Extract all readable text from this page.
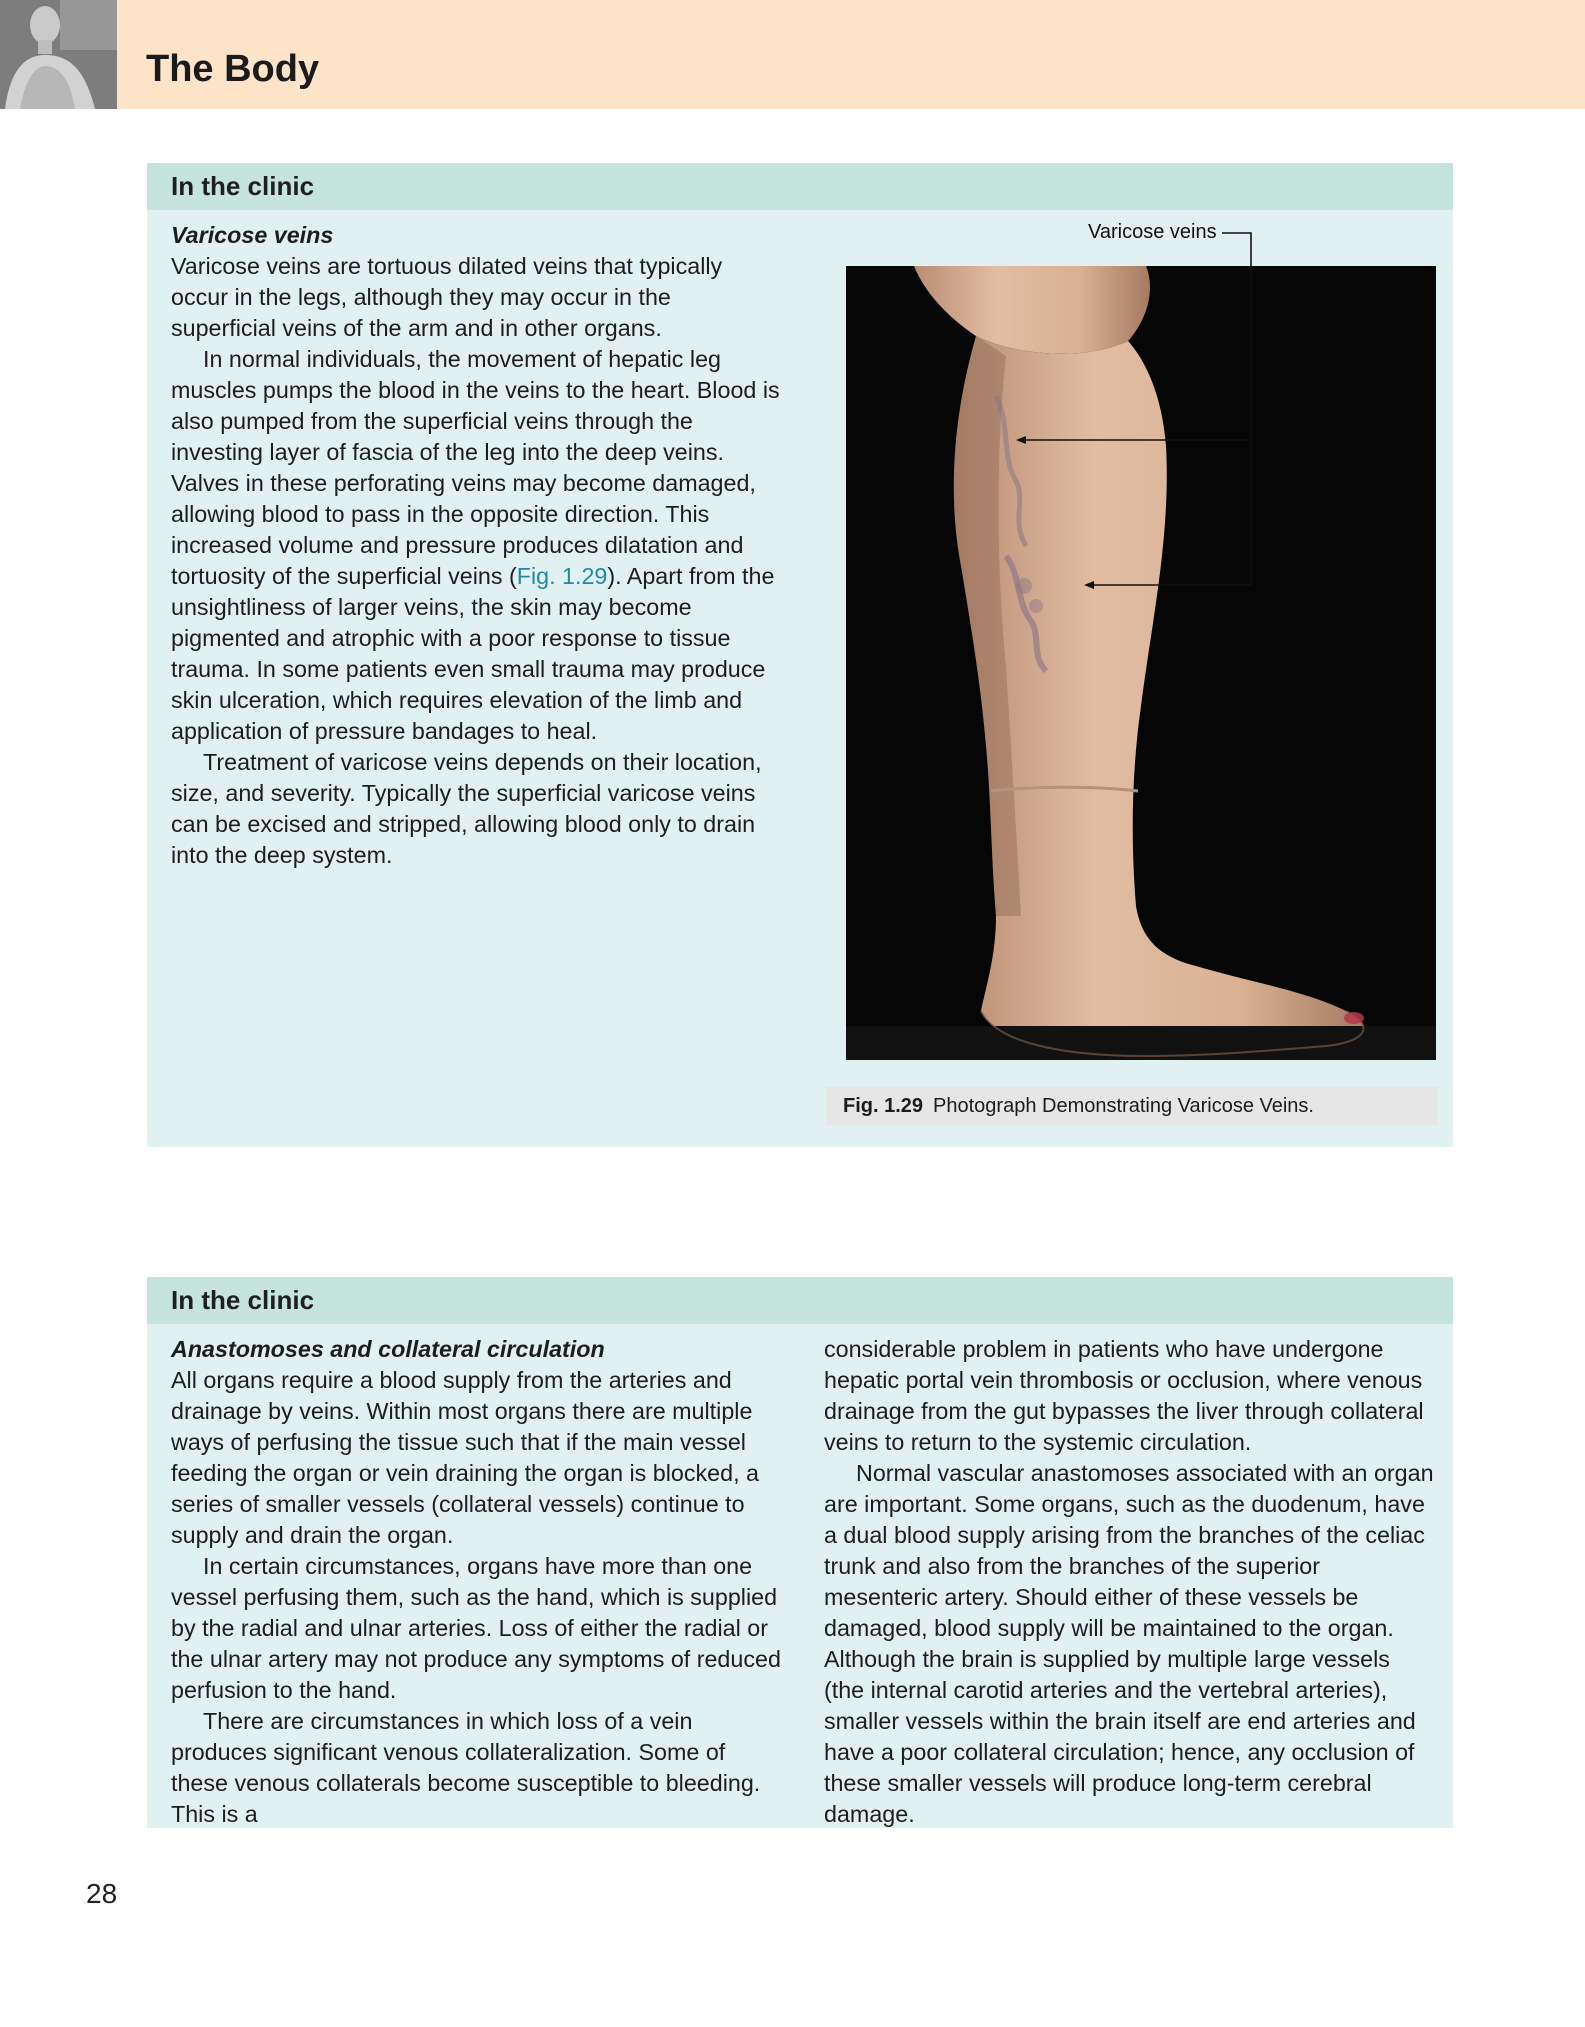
The Body
In the clinic

Varicose veins

Varicose veins are tortuous dilated veins that typically occur in the legs, although they may occur in the superficial veins of the arm and in other organs.

In normal individuals, the movement of hepatic leg muscles pumps the blood in the veins to the heart. Blood is also pumped from the superficial veins through the investing layer of fascia of the leg into the deep veins. Valves in these perforating veins may become damaged, allowing blood to pass in the opposite direction. This increased volume and pressure produces dilatation and tortuosity of the superficial veins (Fig. 1.29). Apart from the unsightliness of larger veins, the skin may become pigmented and atrophic with a poor response to tissue trauma. In some patients even small trauma may produce skin ulceration, which requires elevation of the limb and application of pressure bandages to heal.

Treatment of varicose veins depends on their location, size, and severity. Typically the superficial varicose veins can be excised and stripped, allowing blood only to drain into the deep system.

Varicose veins
Fig. 1.29 Photograph Demonstrating Varicose Veins.
In the clinic

Anastomoses and collateral circulation

All organs require a blood supply from the arteries and drainage by veins. Within most organs there are multiple ways of perfusing the tissue such that if the main vessel feeding the organ or vein draining the organ is blocked, a series of smaller vessels (collateral vessels) continue to supply and drain the organ.

In certain circumstances, organs have more than one vessel perfusing them, such as the hand, which is supplied by the radial and ulnar arteries. Loss of either the radial or the ulnar artery may not produce any symptoms of reduced perfusion to the hand.

There are circumstances in which loss of a vein produces significant venous collateralization. Some of these venous collaterals become susceptible to bleeding. This is a

considerable problem in patients who have undergone hepatic portal vein thrombosis or occlusion, where venous drainage from the gut bypasses the liver through collateral veins to return to the systemic circulation.

Normal vascular anastomoses associated with an organ are important. Some organs, such as the duodenum, have a dual blood supply arising from the branches of the celiac trunk and also from the branches of the superior mesenteric artery. Should either of these vessels be damaged, blood supply will be maintained to the organ. Although the brain is supplied by multiple large vessels (the internal carotid arteries and the vertebral arteries), smaller vessels within the brain itself are end arteries and have a poor collateral circulation; hence, any occlusion of these smaller vessels will produce long-term cerebral damage.

28
